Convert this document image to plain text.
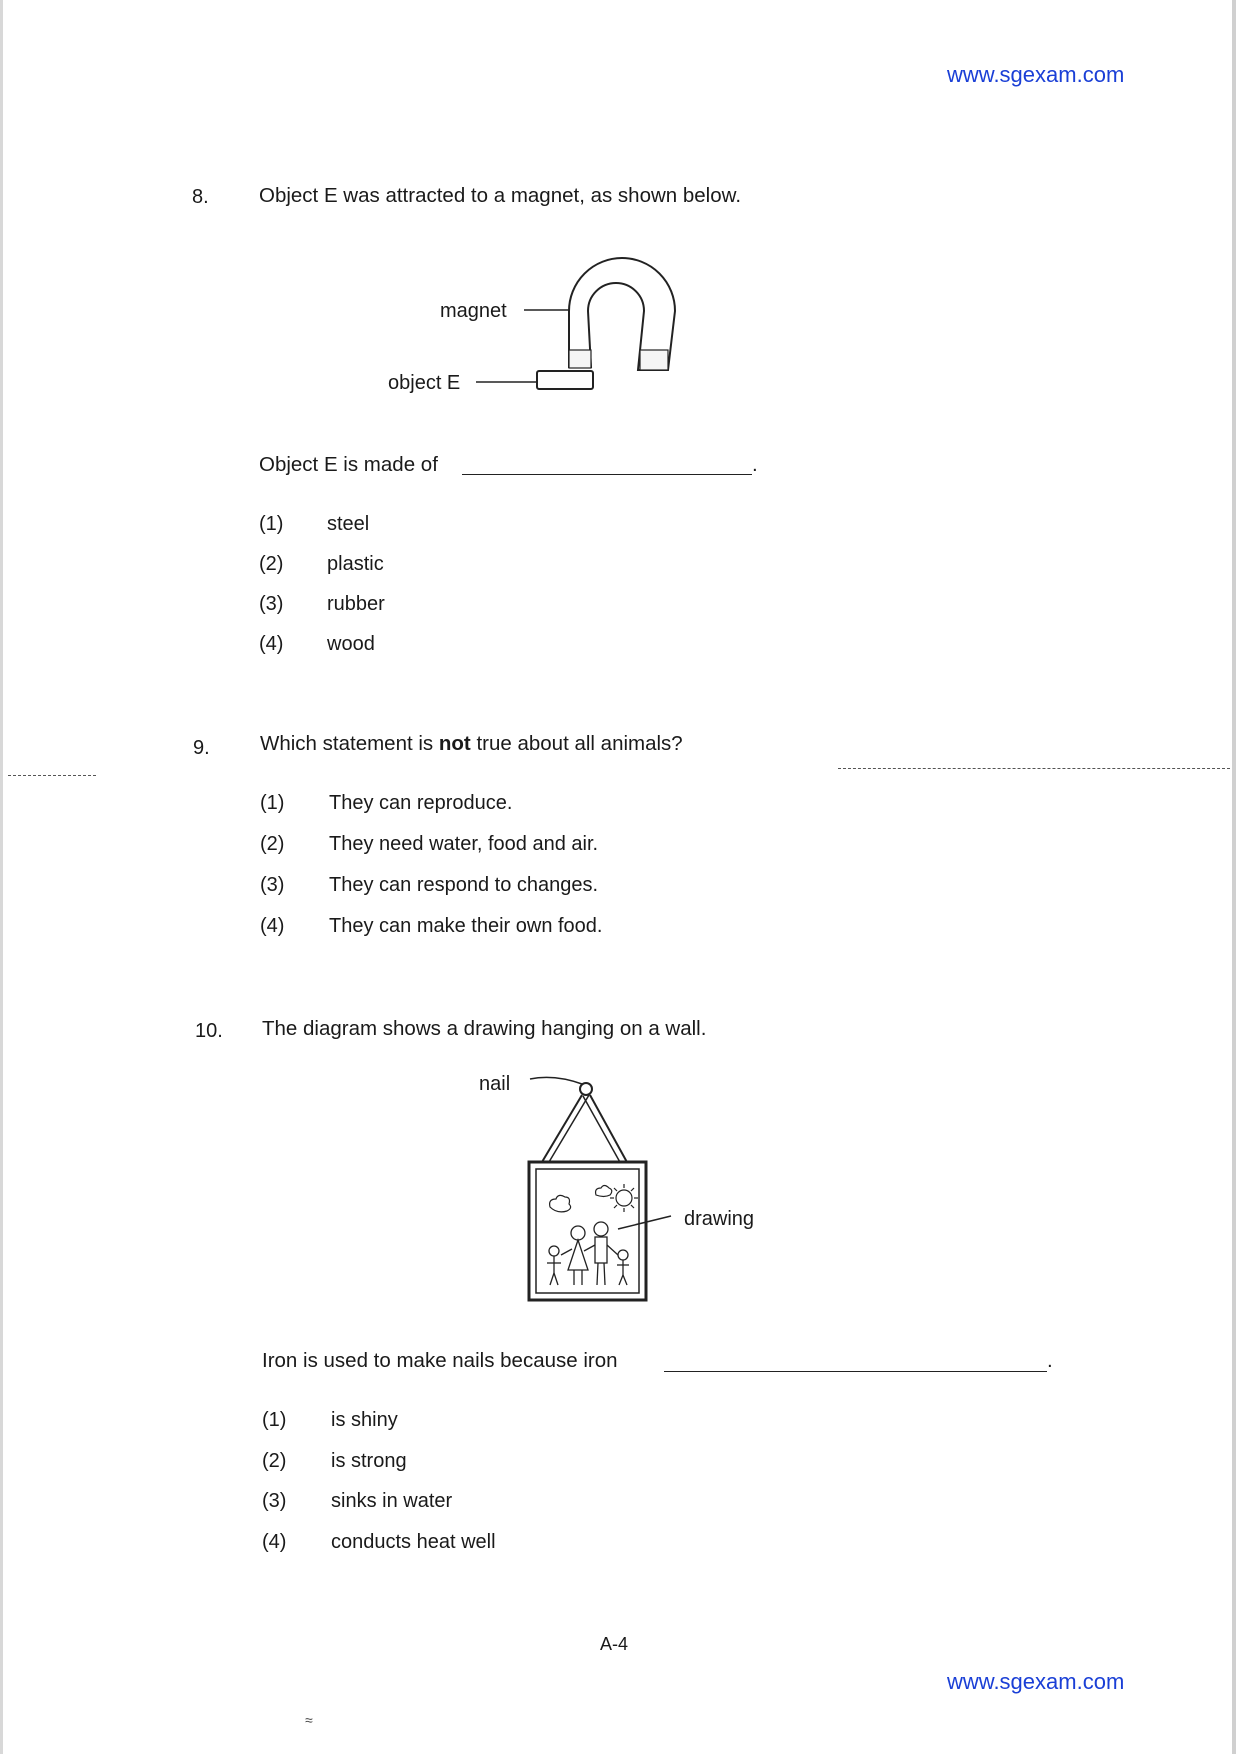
www.sgexam.com
8. Object E was attracted to a magnet, as shown below.
magnet
object E
Object E is made of	.
(1) steel
(2) plastic
(3) rubber
(4) wood
9. Which statement is not true about all animals?
(1) They can reproduce.
(2) They need water, food and air.
(3) They can respond to changes.
(4) They can make their own food.
10. The diagram shows a drawing hanging on a wall.
nail
drawing
Iron is used to make nails because iron	.
(1) is shiny
(2) is strong
(3) sinks in water
(4) conducts heat well
A-4
www.sgexam.com
≈
